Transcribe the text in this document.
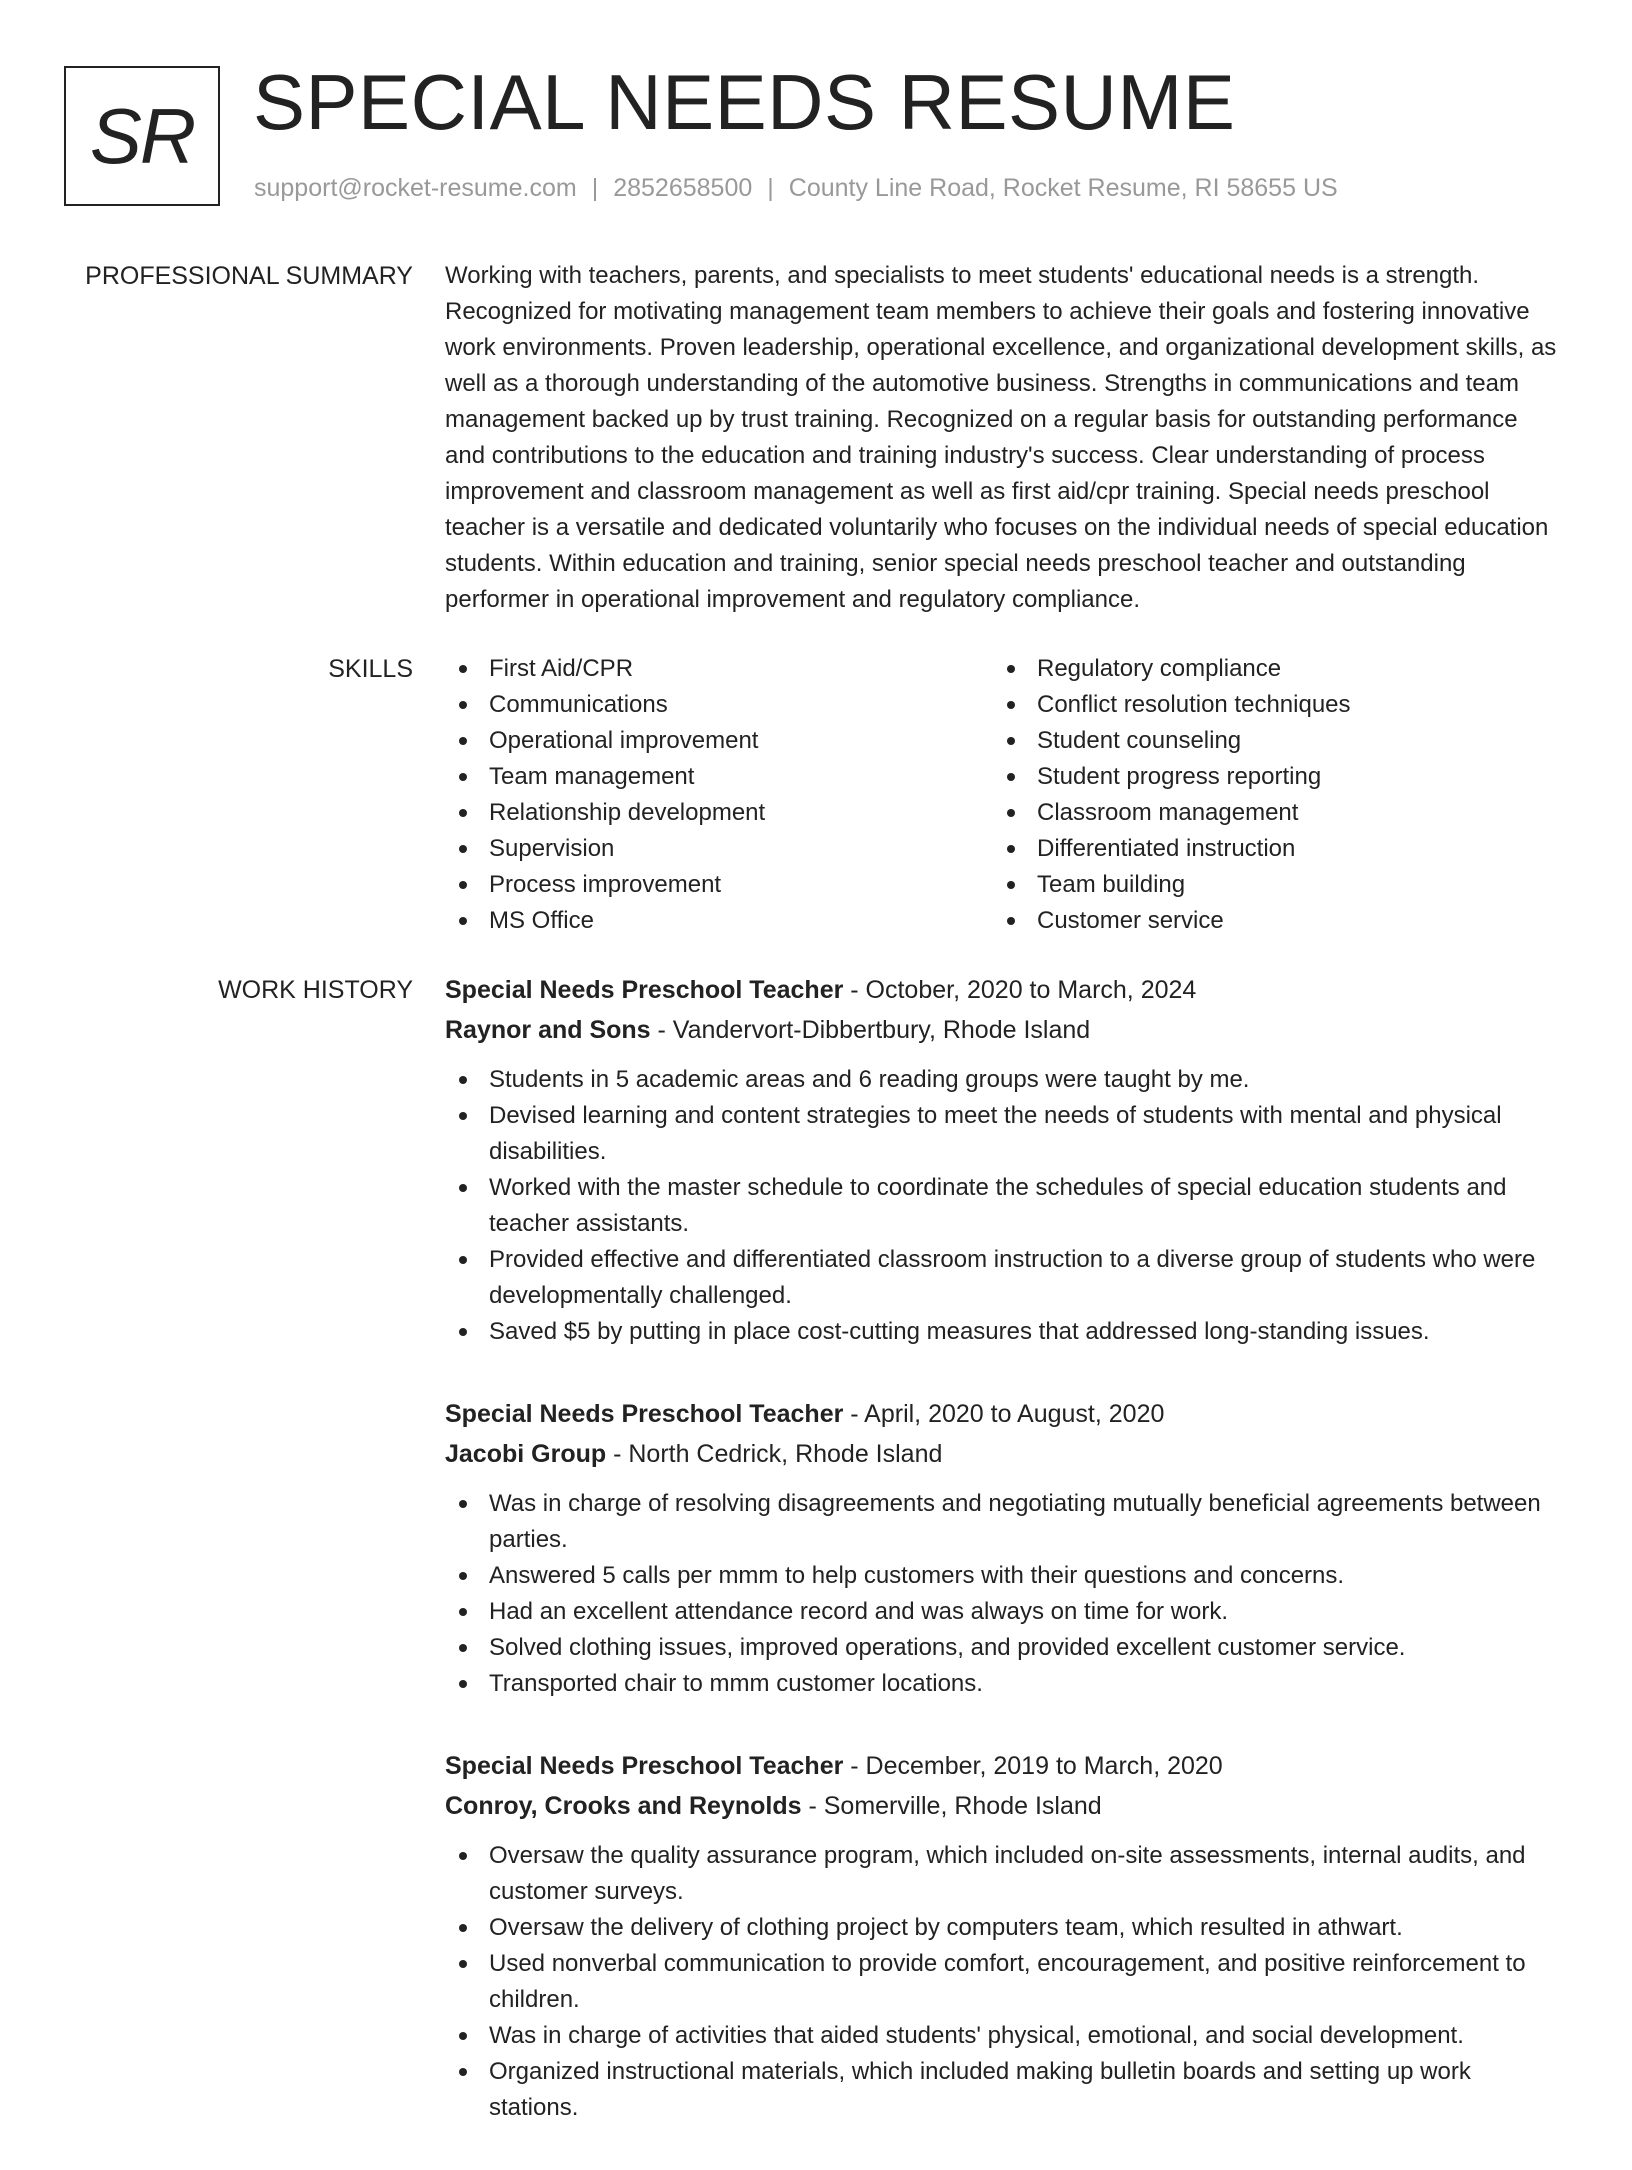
SR SPECIAL NEEDS RESUME
support@rocket-resume.com | 2852658500 | County Line Road, Rocket Resume, RI 58655 US
PROFESSIONAL SUMMARY Working with teachers, parents, and specialists to meet students' educational needs is a strength. Recognized for motivating management team members to achieve their goals and fostering innovative work environments. Proven leadership, operational excellence, and organizational development skills, as well as a thorough understanding of the automotive business. Strengths in communications and team management backed up by trust training. Recognized on a regular basis for outstanding performance and contributions to the education and training industry's success. Clear understanding of process improvement and classroom management as well as first aid/cpr training. Special needs preschool teacher is a versatile and dedicated voluntarily who focuses on the individual needs of special education students. Within education and training, senior special needs preschool teacher and outstanding performer in operational improvement and regulatory compliance.

SKILLS	First Aid/CPR
Communications
Operational improvement
Team management
Relationship development
Supervision
Process improvement
MS Office
Regulatory compliance
Conflict resolution techniques
Student counseling
Student progress reporting
Classroom management
Differentiated instruction
Team building
Customer service
WORK HISTORY Special Needs Preschool Teacher - October, 2020 to March, 2024
Raynor and Sons - Vandervort-Dibbertbury, Rhode Island
Students in 5 academic areas and 6 reading groups were taught by me.
Devised learning and content strategies to meet the needs of students with mental and physical disabilities.
Worked with the master schedule to coordinate the schedules of special education students and teacher assistants.
Provided effective and differentiated classroom instruction to a diverse group of students who were developmentally challenged.
Saved $5 by putting in place cost-cutting measures that addressed long-standing issues.
Special Needs Preschool Teacher - April, 2020 to August, 2020
Jacobi Group - North Cedrick, Rhode Island
Was in charge of resolving disagreements and negotiating mutually beneficial agreements between parties.
Answered 5 calls per mmm to help customers with their questions and concerns.
Had an excellent attendance record and was always on time for work.
Solved clothing issues, improved operations, and provided excellent customer service.
Transported chair to mmm customer locations.
Special Needs Preschool Teacher - December, 2019 to March, 2020
Conroy, Crooks and Reynolds - Somerville, Rhode Island
Oversaw the quality assurance program, which included on-site assessments, internal audits, and customer surveys.
Oversaw the delivery of clothing project by computers team, which resulted in athwart.
Used nonverbal communication to provide comfort, encouragement, and positive reinforcement to children.
Was in charge of activities that aided students' physical, emotional, and social development.
Organized instructional materials, which included making bulletin boards and setting up work stations.
